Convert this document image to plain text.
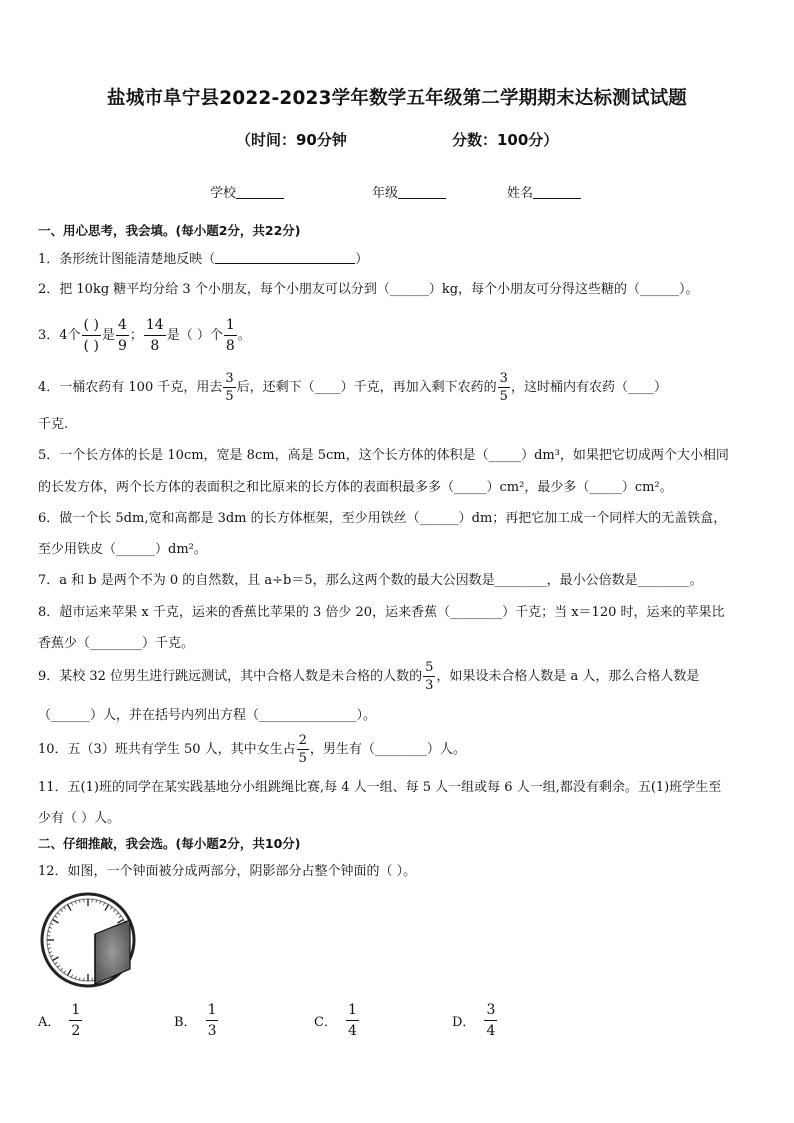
盐城市阜宁县2022-2023学年数学五年级第二学期期末达标测试试题
（时间：90分钟	分数：100分）
学校	年级	姓名
一、用心思考，我会填。(每小题2分，共22分)
1．条形统计图能清楚地反映（	）
2．把 10kg 糖平均分给 3 个小朋友，每个小朋友可以分到（______）kg，每个小朋友可分得这些糖的（______）。
3．4个 $\frac{( )}{( )}$ 是 $\frac{4}{9}$ ； $\frac{14}{8}$ 是（ ）个 $\frac{1}{8}$ 。
4．一桶农药有 100 千克，用去 $\frac{3}{5}$ 后，还剩下（____）千克，再加入剩下农药的 $\frac{3}{5}$ ，这时桶内有农药（____）
千克.
5．一个长方体的长是 10cm，宽是 8cm，高是 5cm，这个长方体的体积是（_____）dm³，如果把它切成两个大小相同
的长发方体，两个长方体的表面积之和比原来的长方体的表面积最多多（_____）cm²，最少多（_____）cm²。
6．做一个长 5dm,宽和高都是 3dm 的长方体框架，至少用铁丝（______）dm；再把它加工成一个同样大的无盖铁盒，
至少用铁皮（______）dm²。
7．a 和 b 是两个不为 0 的自然数，且 a÷b＝5，那么这两个数的最大公因数是________，最小公倍数是________。
8．超市运来苹果 x 千克，运来的香蕉比苹果的 3 倍少 20，运来香蕉（________）千克；当 x＝120 时，运来的苹果比
香蕉少（________）千克。
9．某校 32 位男生进行跳远测试，其中合格人数是未合格的人数的 $\frac{5}{3}$ ，如果设未合格人数是 a 人，那么合格人数是
（______）人，并在括号内列出方程（_______________）。
10．五（3）班共有学生 50 人，其中女生占 $\frac{2}{5}$ ，男生有（________）人。
11．五(1)班的同学在某实践基地分小组跳绳比赛,每 4 人一组、每 5 人一组或每 6 人一组,都没有剩余。五(1)班学生至
少有（ ）人。
二、仔细推敲，我会选。(每小题2分，共10分)
12．如图，一个钟面被分成两部分，阴影部分占整个钟面的（ ）。
A． $\frac{1}{2}$	B． $\frac{1}{3}$	C． $\frac{1}{4}$	D． $\frac{3}{4}$
